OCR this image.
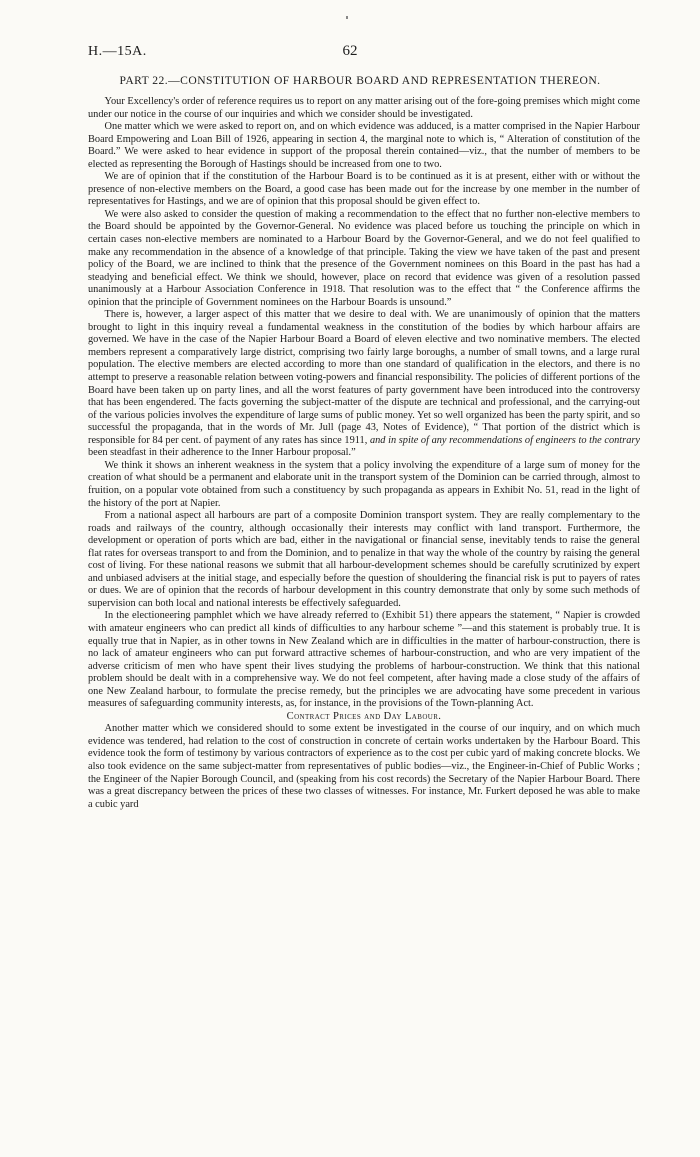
H.—15A.	62
PART 22.—CONSTITUTION OF HARBOUR BOARD AND REPRESENTATION THEREON.

Your Excellency's order of reference requires us to report on any matter arising out of the fore-going premises which might come under our notice in the course of our inquiries and which we consider should be investigated.

One matter which we were asked to report on, and on which evidence was adduced, is a matter comprised in the Napier Harbour Board Empowering and Loan Bill of 1926, appearing in section 4, the marginal note to which is, “ Alteration of constitution of the Board.” We were asked to hear evidence in support of the proposal therein contained—viz., that the number of members to be elected as representing the Borough of Hastings should be increased from one to two.

We are of opinion that if the constitution of the Harbour Board is to be continued as it is at present, either with or without the presence of non-elective members on the Board, a good case has been made out for the increase by one member in the number of representatives for Hastings, and we are of opinion that this proposal should be given effect to.

We were also asked to consider the question of making a recommendation to the effect that no further non-elective members to the Board should be appointed by the Governor-General. No evidence was placed before us touching the principle on which in certain cases non-elective members are nominated to a Harbour Board by the Governor-General, and we do not feel qualified to make any recommendation in the absence of a knowledge of that principle. Taking the view we have taken of the past and present policy of the Board, we are inclined to think that the presence of the Government nominees on this Board in the past has had a steadying and beneficial effect. We think we should, however, place on record that evidence was given of a resolution passed unanimously at a Harbour Association Conference in 1918. That resolution was to the effect that “ the Conference affirms the opinion that the principle of Government nominees on the Harbour Boards is unsound.”

There is, however, a larger aspect of this matter that we desire to deal with. We are unanimously of opinion that the matters brought to light in this inquiry reveal a fundamental weakness in the constitution of the bodies by which harbour affairs are governed. We have in the case of the Napier Harbour Board a Board of eleven elective and two nominative members. The elected members represent a comparatively large district, comprising two fairly large boroughs, a number of small towns, and a large rural population. The elective members are elected according to more than one standard of qualification in the electors, and there is no attempt to preserve a reasonable relation between voting-powers and financial responsibility. The policies of different portions of the Board have been taken up on party lines, and all the worst features of party government have been introduced into the controversy that has been engendered. The facts governing the subject-matter of the dispute are technical and professional, and the carrying-out of the various policies involves the expenditure of large sums of public money. Yet so well organized has been the party spirit, and so successful the propaganda, that in the words of Mr. Jull (page 43, Notes of Evidence), “ That portion of the district which is responsible for 84 per cent. of payment of any rates has since 1911, and in spite of any recommendations of engineers to the contrary been steadfast in their adherence to the Inner Harbour proposal.”

We think it shows an inherent weakness in the system that a policy involving the expenditure of a large sum of money for the creation of what should be a permanent and elaborate unit in the transport system of the Dominion can be carried through, almost to fruition, on a popular vote obtained from such a constituency by such propaganda as appears in Exhibit No. 51, read in the light of the history of the port at Napier.

From a national aspect all harbours are part of a composite Dominion transport system. They are really complementary to the roads and railways of the country, although occasionally their interests may conflict with land transport. Furthermore, the development or operation of ports which are bad, either in the navigational or financial sense, inevitably tends to raise the general flat rates for overseas transport to and from the Dominion, and to penalize in that way the whole of the country by raising the general cost of living. For these national reasons we submit that all harbour-development schemes should be carefully scrutinized by expert and unbiased advisers at the initial stage, and especially before the question of shouldering the financial risk is put to payers of rates or dues. We are of opinion that the records of harbour development in this country demonstrate that only by some such methods of supervision can both local and national interests be effectively safeguarded.

In the electioneering pamphlet which we have already referred to (Exhibit 51) there appears the statement, “ Napier is crowded with amateur engineers who can predict all kinds of difficulties to any harbour scheme ”—and this statement is probably true. It is equally true that in Napier, as in other towns in New Zealand which are in difficulties in the matter of harbour-construction, there is no lack of amateur engineers who can put forward attractive schemes of harbour-construction, and who are very impatient of the adverse criticism of men who have spent their lives studying the problems of harbour-construction. We think that this national problem should be dealt with in a comprehensive way. We do not feel competent, after having made a close study of the affairs of one New Zealand harbour, to formulate the precise remedy, but the principles we are advocating have some precedent in various measures of safeguarding community interests, as, for instance, in the provisions of the Town-planning Act.

Contract Prices and Day Labour.

Another matter which we considered should to some extent be investigated in the course of our inquiry, and on which much evidence was tendered, had relation to the cost of construction in concrete of certain works undertaken by the Harbour Board. This evidence took the form of testimony by various contractors of experience as to the cost per cubic yard of making concrete blocks. We also took evidence on the same subject-matter from representatives of public bodies—viz., the Engineer-in-Chief of Public Works ; the Engineer of the Napier Borough Council, and (speaking from his cost records) the Secretary of the Napier Harbour Board. There was a great discrepancy between the prices of these two classes of witnesses. For instance, Mr. Furkert deposed he was able to make a cubic yard
